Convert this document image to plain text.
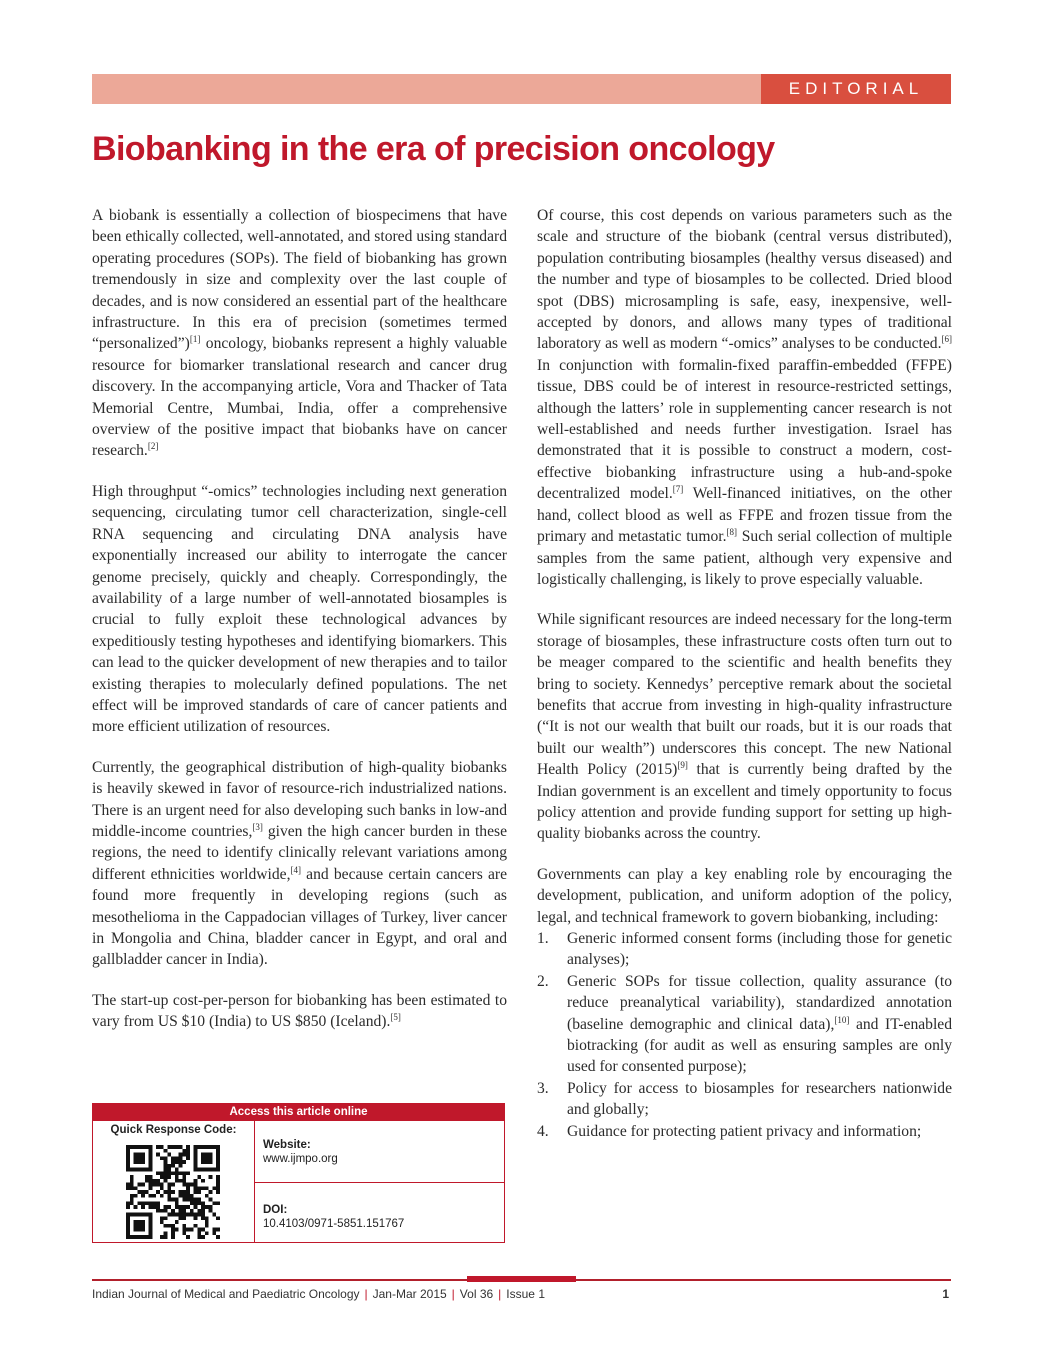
EDITORIAL
Biobanking in the era of precision oncology

A biobank is essentially a collection of biospecimens that have been ethically collected, well-annotated, and stored using standard operating procedures (SOPs). The field of biobanking has grown tremendously in size and complexity over the last couple of decades, and is now considered an essential part of the healthcare infrastructure. In this era of precision (sometimes termed “personalized”)[1] oncology, biobanks represent a highly valuable resource for biomarker translational research and cancer drug discovery. In the accompanying article, Vora and Thacker of Tata Memorial Centre, Mumbai, India, offer a comprehensive overview of the positive impact that biobanks have on cancer research.[2]

High throughput “-omics” technologies including next generation sequencing, circulating tumor cell characterization, single-cell RNA sequencing and circulating DNA analysis have exponentially increased our ability to interrogate the cancer genome precisely, quickly and cheaply. Correspondingly, the availability of a large number of well-annotated biosamples is crucial to fully exploit these technological advances by expeditiously testing hypotheses and identifying biomarkers. This can lead to the quicker development of new therapies and to tailor existing therapies to molecularly defined populations. The net effect will be improved standards of care of cancer patients and more efficient utilization of resources.

Currently, the geographical distribution of high-quality biobanks is heavily skewed in favor of resource-rich industrialized nations. There is an urgent need for also developing such banks in low-and middle-income countries,[3] given the high cancer burden in these regions, the need to identify clinically relevant variations among different ethnicities worldwide,[4] and because certain cancers are found more frequently in developing regions (such as mesothelioma in the Cappadocian villages of Turkey, liver cancer in Mongolia and China, bladder cancer in Egypt, and oral and gallbladder cancer in India).

The start-up cost-per-person for biobanking has been estimated to vary from US $10 (India) to US $850 (Iceland).[5]

Access this article online
Quick Response Code:
Website:
www.ijmpo.org
DOI:
10.4103/0971-5851.151767

Of course, this cost depends on various parameters such as the scale and structure of the biobank (central versus distributed), population contributing biosamples (healthy versus diseased) and the number and type of biosamples to be collected. Dried blood spot (DBS) microsampling is safe, easy, inexpensive, well-accepted by donors, and allows many types of traditional laboratory as well as modern “-omics” analyses to be conducted.[6] In conjunction with formalin-fixed paraffin-embedded (FFPE) tissue, DBS could be of interest in resource-restricted settings, although the latters’ role in supplementing cancer research is not well-established and needs further investigation. Israel has demonstrated that it is possible to construct a modern, cost-effective biobanking infrastructure using a hub-and-spoke decentralized model.[7] Well-financed initiatives, on the other hand, collect blood as well as FFPE and frozen tissue from the primary and metastatic tumor.[8] Such serial collection of multiple samples from the same patient, although very expensive and logistically challenging, is likely to prove especially valuable.

While significant resources are indeed necessary for the long-term storage of biosamples, these infrastructure costs often turn out to be meager compared to the scientific and health benefits they bring to society. Kennedys’ perceptive remark about the societal benefits that accrue from investing in high-quality infrastructure (“It is not our wealth that built our roads, but it is our roads that built our wealth”) underscores this concept. The new National Health Policy (2015)[9] that is currently being drafted by the Indian government is an excellent and timely opportunity to focus policy attention and provide funding support for setting up high-quality biobanks across the country.

Governments can play a key enabling role by encouraging the development, publication, and uniform adoption of the policy, legal, and technical framework to govern biobanking, including:

1. Generic informed consent forms (including those for genetic analyses);
2. Generic SOPs for tissue collection, quality assurance (to reduce preanalytical variability), standardized annotation (baseline demographic and clinical data),[10] and IT-enabled biotracking (for audit as well as ensuring samples are only used for consented purpose);
3. Policy for access to biosamples for researchers nationwide and globally;
4. Guidance for protecting patient privacy and information;
Indian Journal of Medical and Paediatric Oncology | Jan-Mar 2015 | Vol 36 | Issue 1	1
